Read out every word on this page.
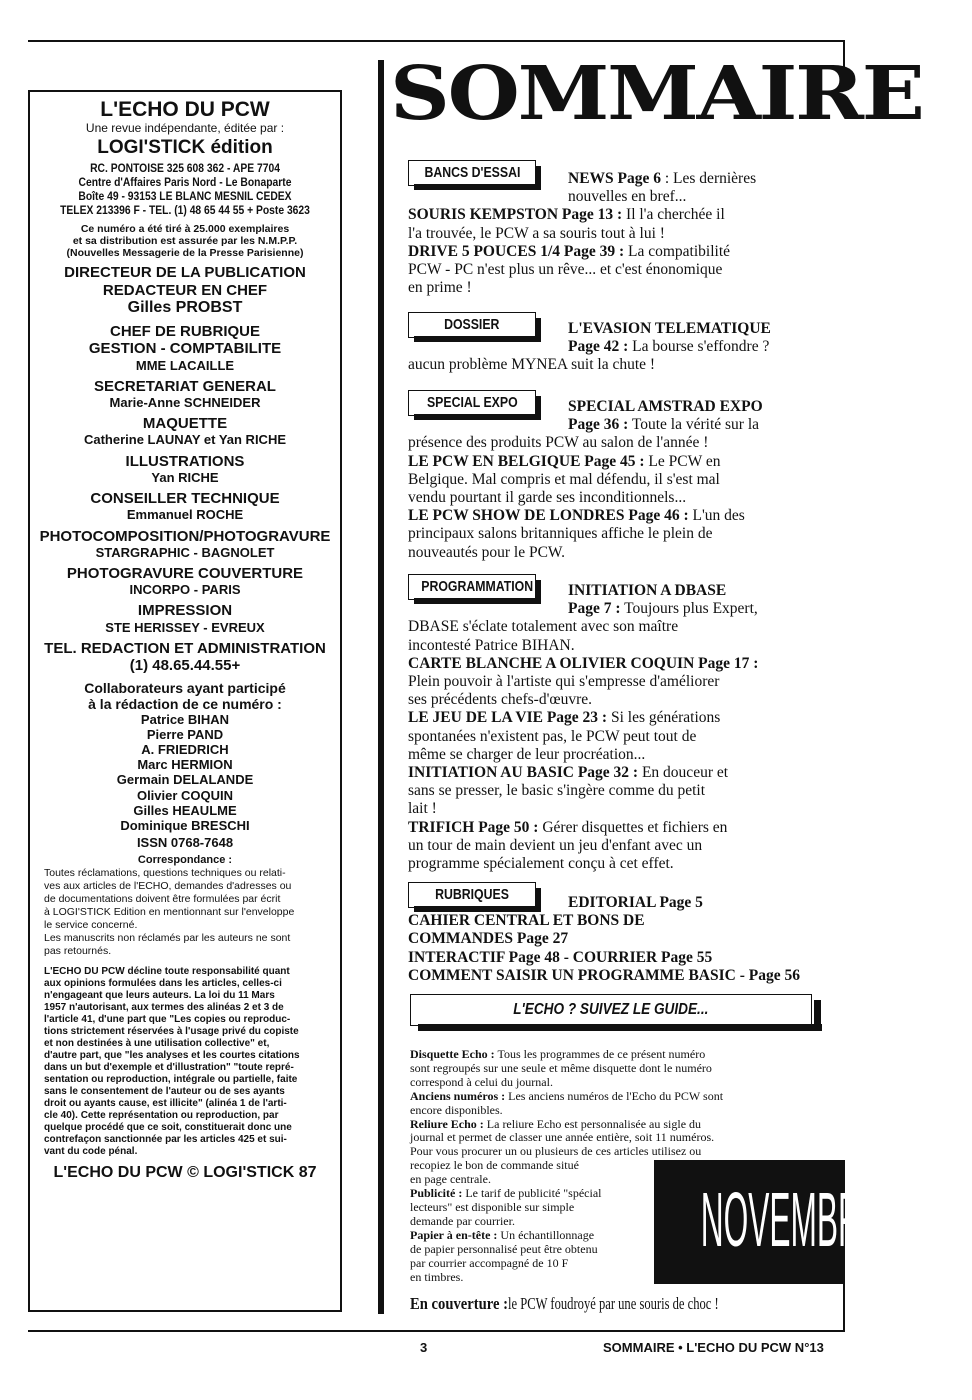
L'ECHO DU PCW
Une revue indépendante, éditée par :
LOGI'STICK édition
RC. PONTOISE 325 608 362 - APE 7704
Centre d'Affaires Paris Nord - Le Bonaparte
Boîte 49 - 93153 LE BLANC MESNIL CEDEX
TELEX 213396 F - TEL. (1) 48 65 44 55 + Poste 3623
Ce numéro a été tiré à 25.000 exemplaires
et sa distribution est assurée par les N.M.P.P.
(Nouvelles Messagerie de la Presse Parisienne)
DIRECTEUR DE LA PUBLICATION
REDACTEUR EN CHEF
Gilles PROBST
CHEF DE RUBRIQUE
GESTION - COMPTABILITE
MME LACAILLE
SECRETARIAT GENERAL
Marie-Anne SCHNEIDER
MAQUETTE
Catherine LAUNAY et Yan RICHE
ILLUSTRATIONS
Yan RICHE
CONSEILLER TECHNIQUE
Emmanuel ROCHE
PHOTOCOMPOSITION/PHOTOGRAVURE
STARGRAPHIC - BAGNOLET
PHOTOGRAVURE COUVERTURE
INCORPO - PARIS
IMPRESSION
STE HERISSEY - EVREUX
TEL. REDACTION ET ADMINISTRATION
(1) 48.65.44.55+
Collaborateurs ayant participé
à la rédaction de ce numéro :
Patrice BIHAN
Pierre PAND
A. FRIEDRICH
Marc HERMION
Germain DELALANDE
Olivier COQUIN
Gilles HEAULME
Dominique BRESCHI
ISSN 0768-7648
Correspondance :
Toutes réclamations, questions techniques ou relati-
ves aux articles de l'ECHO, demandes d'adresses ou
de documentations doivent être formulées par écrit
à LOGI'STICK Edition en mentionnant sur l'enveloppe
le service concerné.
Les manuscrits non réclamés par les auteurs ne sont
pas retournés.
L'ECHO DU PCW décline toute responsabilité quant
aux opinions formulées dans les articles, celles-ci
n'engageant que leurs auteurs. La loi du 11 Mars
1957 n'autorisant, aux termes des alinéas 2 et 3 de
l'article 41, d'une part que "Les copies ou reproduc-
tions strictement réservées à l'usage privé du copiste
et non destinées à une utilisation collective" et,
d'autre part, que "les analyses et les courtes citations
dans un but d'exemple et d'illustration" "toute repré-
sentation ou reproduction, intégrale ou partielle, faite
sans le consentement de l'auteur ou de ses ayants
droit ou ayants cause, est illicite" (alinéa 1 de l'arti-
cle 40). Cette représentation ou reproduction, par
quelque procédé que ce soit, constituerait donc une
contrefaçon sanctionnée par les articles 425 et sui-
vant du code pénal.
L'ECHO DU PCW © LOGI'STICK 87
SOMMAIRE
BANCS D'ESSAI	NEWS Page 6 : Les dernières
nouvelles en bref...
SOURIS KEMPSTON Page 13 : Il l'a cherchée il
l'a trouvée, le PCW a sa souris tout à lui !
DRIVE 5 POUCES 1/4 Page 39 : La compatibilité
PCW - PC n'est plus un rêve... et c'est énonomique
en prime !
DOSSIER	L'EVASION TELEMATIQUE
Page 42 : La bourse s'effondre ?
aucun problème MYNEA suit la chute !
SPECIAL EXPO	SPECIAL AMSTRAD EXPO
Page 36 : Toute la vérité sur la
présence des produits PCW au salon de l'année !
LE PCW EN BELGIQUE Page 45 : Le PCW en
Belgique. Mal compris et mal défendu, il s'est mal
vendu pourtant il garde ses inconditionnels...
LE PCW SHOW DE LONDRES Page 46 : L'un des
principaux salons britanniques affiche le plein de
nouveautés pour le PCW.
PROGRAMMATION	INITIATION A DBASE
Page 7 : Toujours plus Expert,
DBASE s'éclate totalement avec son maître
incontesté Patrice BIHAN.
CARTE BLANCHE A OLIVIER COQUIN Page 17 :
Plein pouvoir à l'artiste qui s'empresse d'améliorer
ses précédents chefs-d'œuvre.
LE JEU DE LA VIE Page 23 : Si les générations
spontanées n'existent pas, le PCW peut tout de
même se charger de leur procréation...
INITIATION AU BASIC Page 32 : En douceur et
sans se presser, le basic s'ingère comme du petit
lait !
TRIFICH Page 50 : Gérer disquettes et fichiers en
un tour de main devient un jeu d'enfant avec un
programme spécialement conçu à cet effet.
RUBRIQUES	EDITORIAL Page 5
CAHIER CENTRAL ET BONS DE
COMMANDES Page 27
INTERACTIF Page 48 - COURRIER Page 55
COMMENT SAISIR UN PROGRAMME BASIC - Page 56
L'ECHO ? SUIVEZ LE GUIDE...
Disquette Echo : Tous les programmes de ce présent numéro
sont regroupés sur une seule et même disquette dont le numéro
correspond à celui du journal.
Anciens numéros : Les anciens numéros de l'Echo du PCW sont
encore disponibles.
Reliure Echo : La reliure Echo est personnalisée au sigle du
journal et permet de classer une année entière, soit 11 numéros.
Pour vous procurer un ou plusieurs de ces articles utilisez ou
recopiez le bon de commande situé
en page centrale.
Publicité : Le tarif de publicité "spécial
lecteurs" est disponible sur simple
demande par courrier.
Papier à en-tête : Un échantillonnage
de papier personnalisé peut être obtenu
par courrier accompagné de 10 F
en timbres.
NOVEMBRE
En couverture :le PCW foudroyé par une souris de choc !
3	SOMMAIRE • L'ECHO DU PCW N°13
